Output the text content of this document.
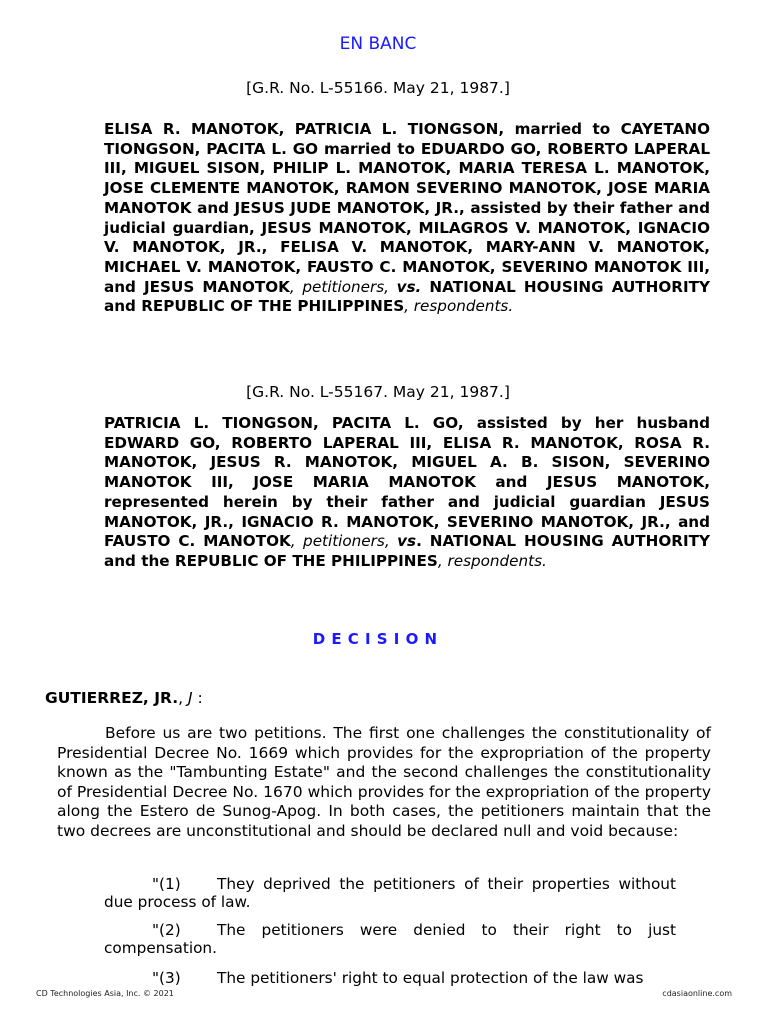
EN BANC
[G.R. No. L-55166. May 21, 1987.]
ELISA R. MANOTOK, PATRICIA L. TIONGSON, married to CAYETANO TIONGSON, PACITA L. GO married to EDUARDO GO, ROBERTO LAPERAL III, MIGUEL SISON, PHILIP L. MANOTOK, MARIA TERESA L. MANOTOK, JOSE CLEMENTE MANOTOK, RAMON SEVERINO MANOTOK, JOSE MARIA MANOTOK and JESUS JUDE MANOTOK, JR., assisted by their father and judicial guardian, JESUS MANOTOK, MILAGROS V. MANOTOK, IGNACIO V. MANOTOK, JR., FELISA V. MANOTOK, MARY-ANN V. MANOTOK, MICHAEL V. MANOTOK, FAUSTO C. MANOTOK, SEVERINO MANOTOK III, and JESUS MANOTOK, petitioners, vs. NATIONAL HOUSING AUTHORITY and REPUBLIC OF THE PHILIPPINES, respondents.
[G.R. No. L-55167. May 21, 1987.]
PATRICIA L. TIONGSON, PACITA L. GO, assisted by her husband EDWARD GO, ROBERTO LAPERAL III, ELISA R. MANOTOK, ROSA R. MANOTOK, JESUS R. MANOTOK, MIGUEL A. B. SISON, SEVERINO MANOTOK III, JOSE MARIA MANOTOK and JESUS MANOTOK, represented herein by their father and judicial guardian JESUS MANOTOK, JR., IGNACIO R. MANOTOK, SEVERINO MANOTOK, JR., and FAUSTO C. MANOTOK, petitioners, vs. NATIONAL HOUSING AUTHORITY and the REPUBLIC OF THE PHILIPPINES, respondents.
DECISION
GUTIERREZ, JR., J :
Before us are two petitions. The first one challenges the constitutionality of Presidential Decree No. 1669 which provides for the expropriation of the property known as the "Tambunting Estate" and the second challenges the constitutionality of Presidential Decree No. 1670 which provides for the expropriation of the property along the Estero de Sunog-Apog. In both cases, the petitioners maintain that the two decrees are unconstitutional and should be declared null and void because:
"(1) They deprived the petitioners of their properties without due process of law.
"(2) The petitioners were denied to their right to just compensation.
"(3) The petitioners' right to equal protection of the law was
CD Technologies Asia, Inc. © 2021	cdasiaonline.com
